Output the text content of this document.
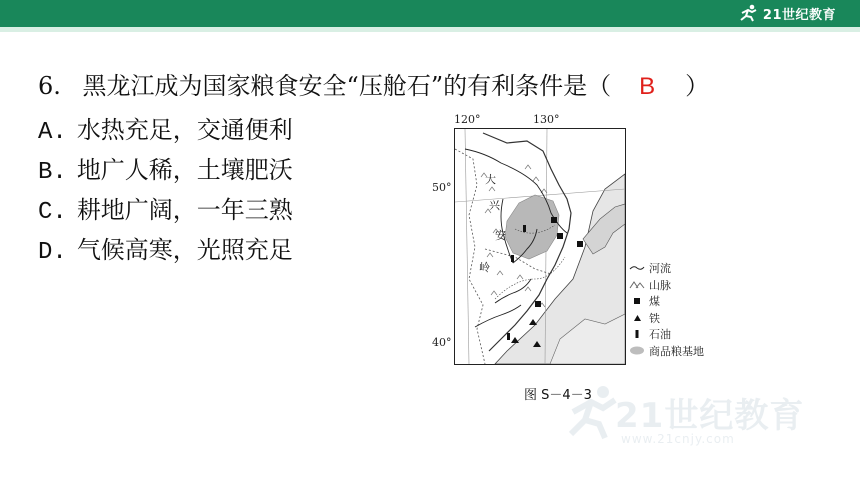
21世纪教育
6. 黑龙江成为国家粮食安全“压舱石”的有利条件是（ B ）
A. 水热充足，交通便利
B. 地广人稀，土壤肥沃
C. 耕地广阔，一年三熟
D. 气候高寒，光照充足
120°	130°
50°
40°
大
兴
安
岭	河流
山脉
煤
铁
石油
商品粮基地
图 S－4－3
21世纪教育
www.21cnjy.com
